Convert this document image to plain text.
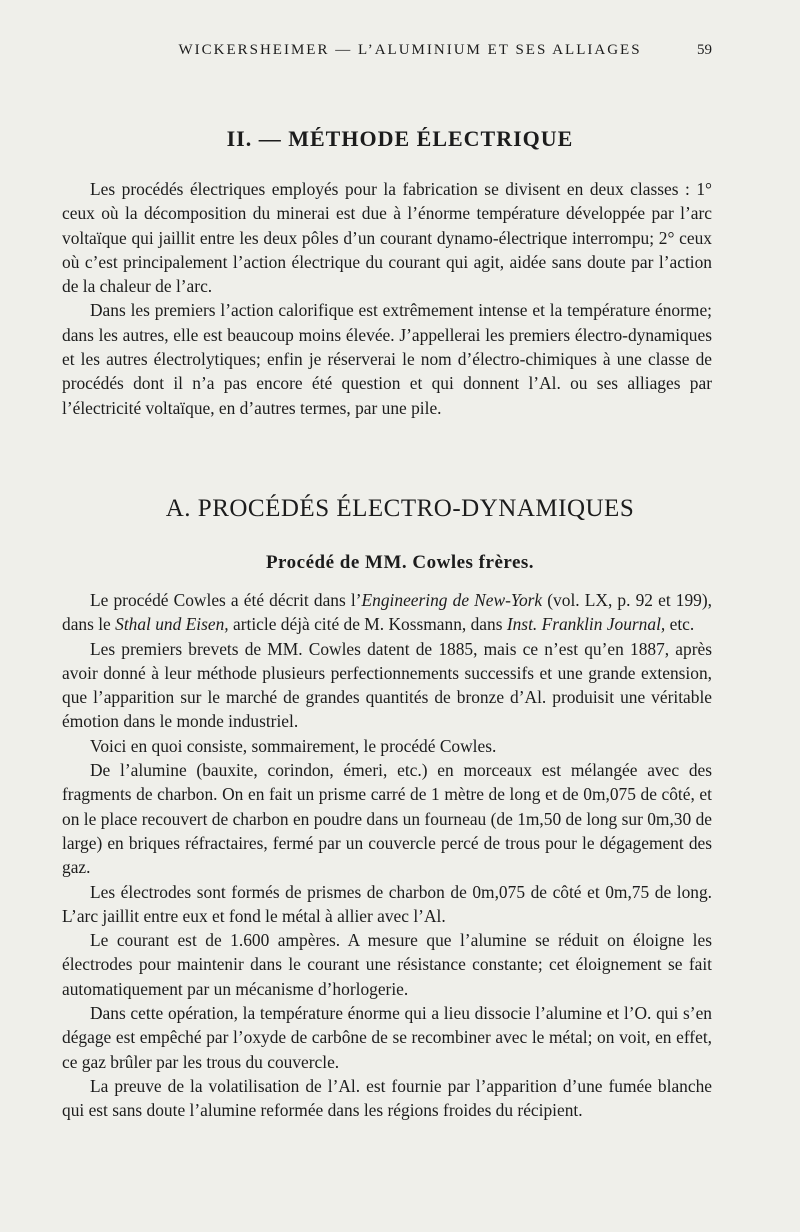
WICKERSHEIMER — L’ALUMINIUM ET SES ALLIAGES	59
II. — MÉTHODE ÉLECTRIQUE

Les procédés électriques employés pour la fabrication se divisent en deux classes : 1° ceux où la décomposition du minerai est due à l’énorme température développée par l’arc voltaïque qui jaillit entre les deux pôles d’un courant dynamo-électrique interrompu; 2° ceux où c’est principalement l’action électrique du courant qui agit, aidée sans doute par l’action de la chaleur de l’arc.

Dans les premiers l’action calorifique est extrêmement intense et la température énorme; dans les autres, elle est beaucoup moins élevée. J’appellerai les premiers électro-dynamiques et les autres électrolytiques; enfin je réserverai le nom d’électro-chimiques à une classe de procédés dont il n’a pas encore été question et qui donnent l’Al. ou ses alliages par l’électricité voltaïque, en d’autres termes, par une pile.

A. PROCÉDÉS ÉLECTRO-DYNAMIQUES
Procédé de MM. Cowles frères.

Le procédé Cowles a été décrit dans l’Engineering de New-York (vol. LX, p. 92 et 199), dans le Sthal und Eisen, article déjà cité de M. Kossmann, dans Inst. Franklin Journal, etc.

Les premiers brevets de MM. Cowles datent de 1885, mais ce n’est qu’en 1887, après avoir donné à leur méthode plusieurs perfectionnements successifs et une grande extension, que l’apparition sur le marché de grandes quantités de bronze d’Al. produisit une véritable émotion dans le monde industriel.

Voici en quoi consiste, sommairement, le procédé Cowles.

De l’alumine (bauxite, corindon, émeri, etc.) en morceaux est mélangée avec des fragments de charbon. On en fait un prisme carré de 1 mètre de long et de 0m,075 de côté, et on le place recouvert de charbon en poudre dans un fourneau (de 1m,50 de long sur 0m,30 de large) en briques réfractaires, fermé par un couvercle percé de trous pour le dégagement des gaz.

Les électrodes sont formés de prismes de charbon de 0m,075 de côté et 0m,75 de long. L’arc jaillit entre eux et fond le métal à allier avec l’Al.

Le courant est de 1.600 ampères. A mesure que l’alumine se réduit on éloigne les électrodes pour maintenir dans le courant une résistance constante; cet éloignement se fait automatiquement par un mécanisme d’horlogerie.

Dans cette opération, la température énorme qui a lieu dissocie l’alumine et l’O. qui s’en dégage est empêché par l’oxyde de carbône de se recombiner avec le métal; on voit, en effet, ce gaz brûler par les trous du couvercle.

La preuve de la volatilisation de l’Al. est fournie par l’apparition d’une fumée blanche qui est sans doute l’alumine reformée dans les régions froides du récipient.
